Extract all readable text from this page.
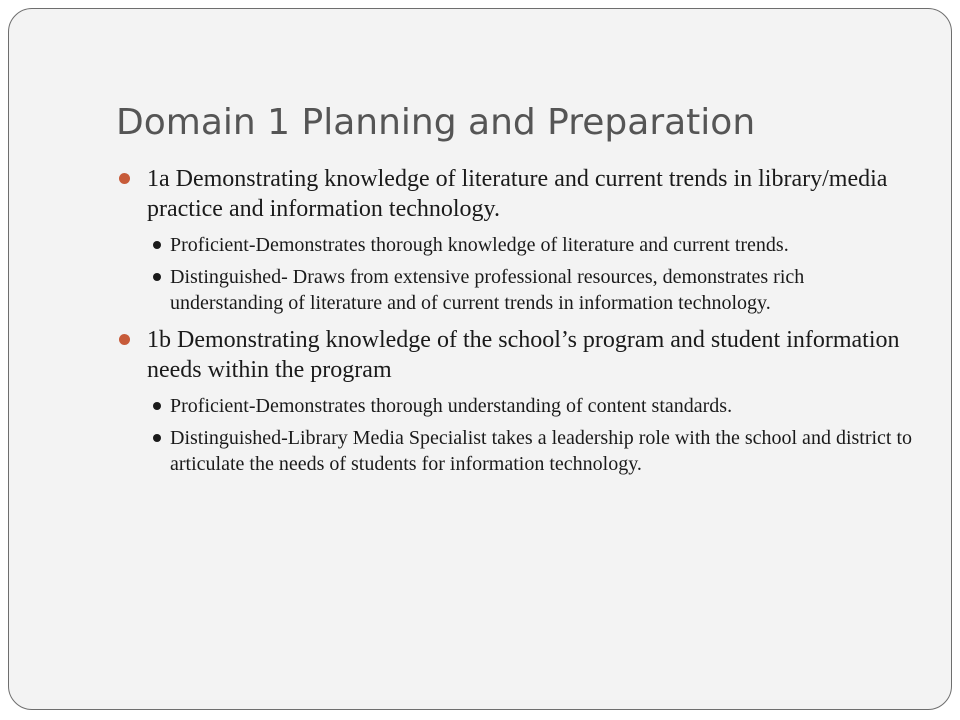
Domain 1 Planning and Preparation
1a Demonstrating knowledge of literature and current trends in library/media practice and information technology.
Proficient-Demonstrates thorough knowledge of literature and current trends.
Distinguished- Draws from extensive professional resources, demonstrates rich understanding of literature and of current trends in information technology.
1b Demonstrating knowledge of the school’s program and student information needs within the program
Proficient-Demonstrates thorough understanding of content standards.
Distinguished-Library Media Specialist takes a leadership role with the school and district to articulate the needs of students for information technology.
